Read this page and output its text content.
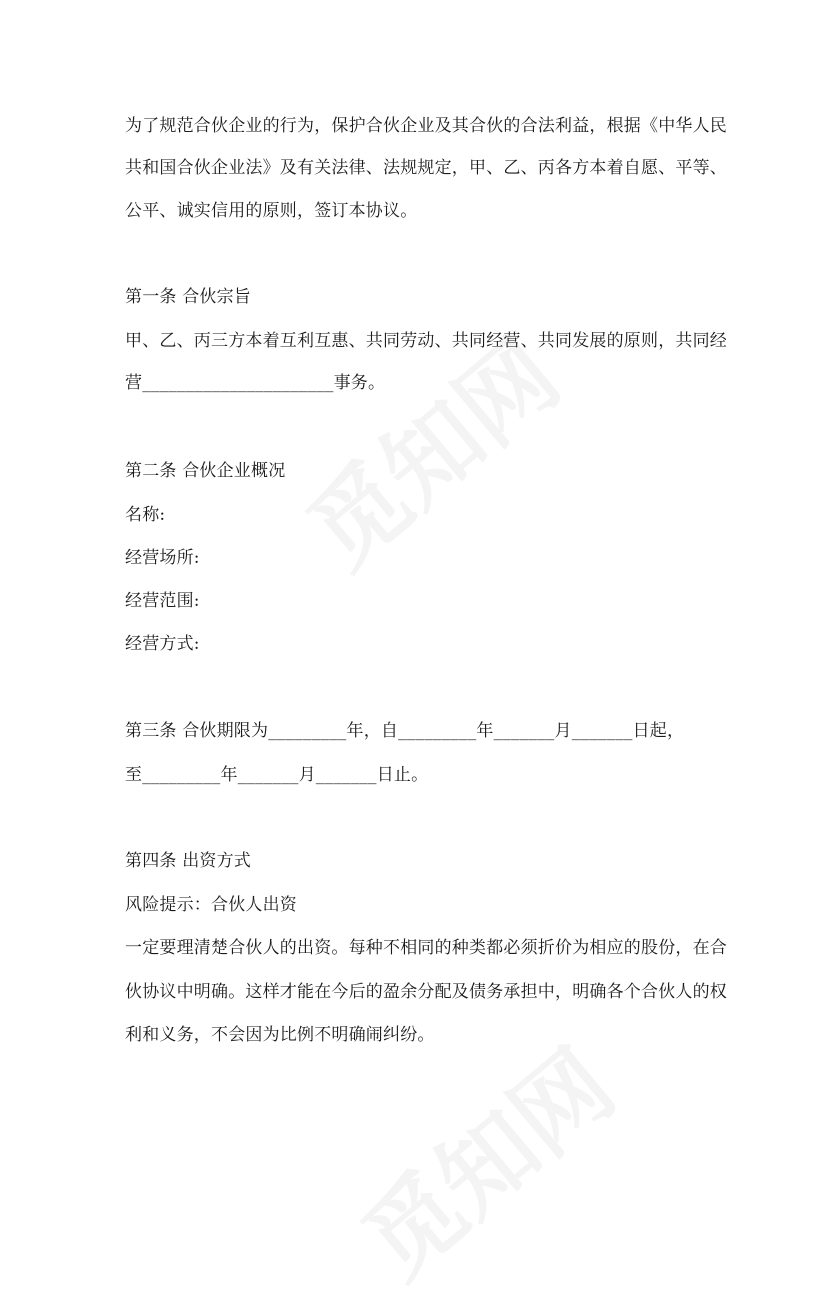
为了规范合伙企业的行为，保护合伙企业及其合伙的合法利益，根据《中华人民
共和国合伙企业法》及有关法律、法规规定，甲、乙、丙各方本着自愿、平等、
公平、诚实信用的原则，签订本协议。
第一条 合伙宗旨
甲、乙、丙三方本着互利互惠、共同劳动、共同经营、共同发展的原则，共同经
营______________________事务。
第二条 合伙企业概况
名称:
经营场所:
经营范围:
经营方式:
第三条 合伙期限为_________年，自_________年_______月_______日起，
至_________年_______月_______日止。
第四条 出资方式
风险提示：合伙人出资
一定要理清楚合伙人的出资。每种不相同的种类都必须折价为相应的股份，在合
伙协议中明确。这样才能在今后的盈余分配及债务承担中，明确各个合伙人的权
利和义务，不会因为比例不明确闹纠纷。
